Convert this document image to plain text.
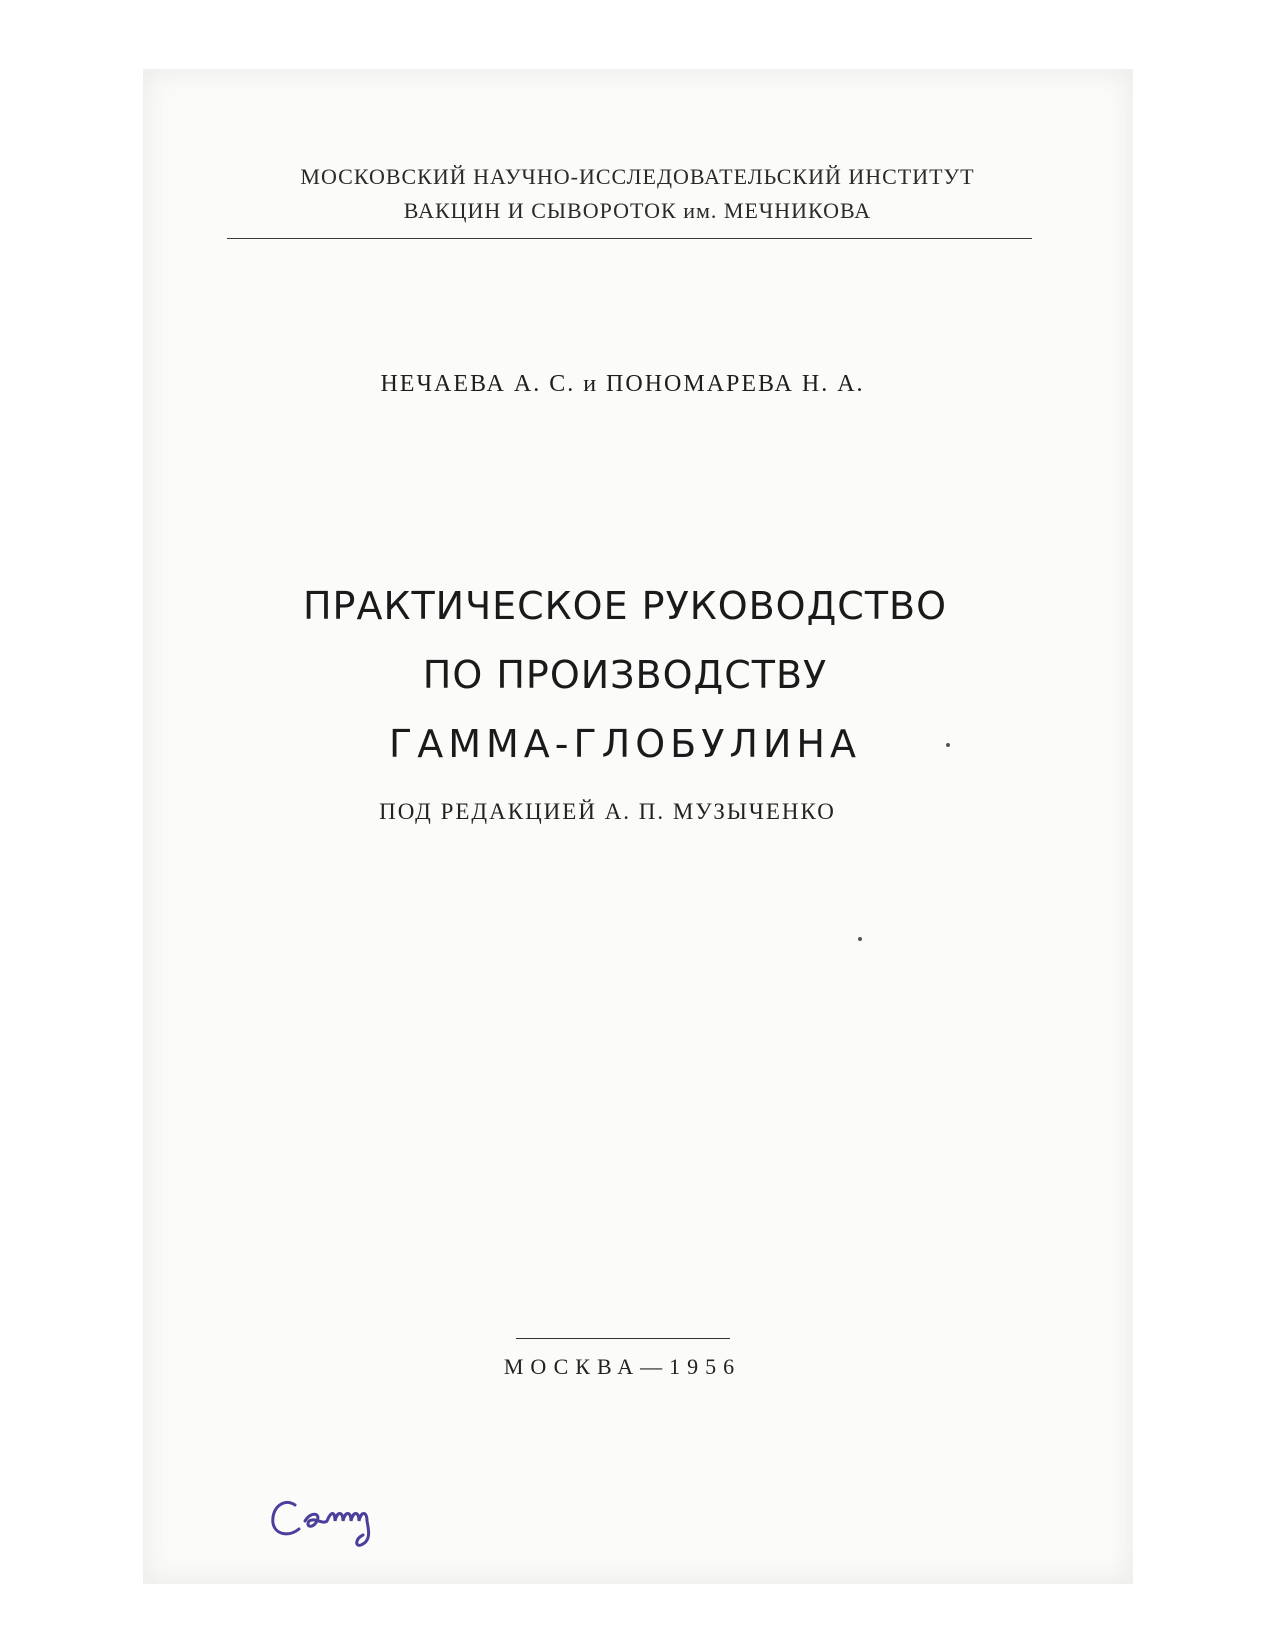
МОСКОВСКИЙ НАУЧНО-ИССЛЕДОВАТЕЛЬСКИЙ ИНСТИТУТ
ВАКЦИН И СЫВОРОТОК им. МЕЧНИКОВА
НЕЧАЕВА А. С. и ПОНОМАРЕВА Н. А.
ПРАКТИЧЕСКОЕ РУКОВОДСТВО
ПО ПРОИЗВОДСТВУ
ГАММА-ГЛОБУЛИНА
ПОД РЕДАКЦИЕЙ А. П. МУЗЫЧЕНКО
МОСКВА—1956
